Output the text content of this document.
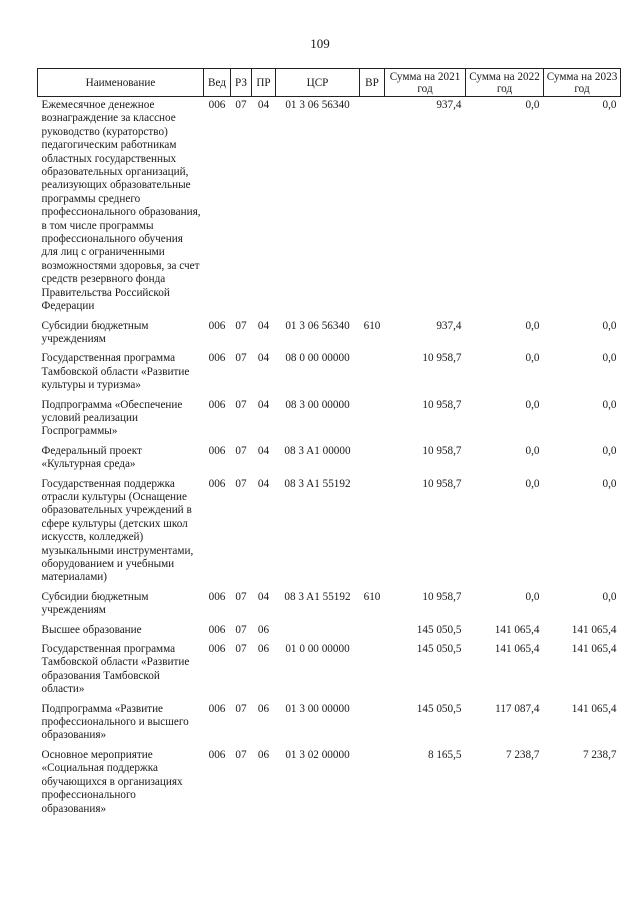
109
Наименование	Вед	РЗ	ПР	ЦСР	ВР	Сумма на 2021 год	Сумма на 2022 год	Сумма на 2023 год
Ежемесячное денежное вознаграждение за классное руководство (кураторство) педагогическим работникам областных государственных образовательных организаций, реализующих образовательные программы среднего профессионального образования, в том числе программы профессионального обучения для лиц с ограниченными возможностями здоровья, за счет средств резервного фонда Правительства Российской Федерации	006	07	04	01 3 06 56340		937,4	0,0	0,0
Субсидии бюджетным учреждениям	006	07	04	01 3 06 56340	610	937,4	0,0	0,0
Государственная программа Тамбовской области «Развитие культуры и туризма»	006	07	04	08 0 00 00000		10 958,7	0,0	0,0
Подпрограмма «Обеспечение условий реализации Госпрограммы»	006	07	04	08 3 00 00000		10 958,7	0,0	0,0
Федеральный проект «Культурная среда»	006	07	04	08 3 A1 00000		10 958,7	0,0	0,0
Государственная поддержка отрасли культуры (Оснащение образовательных учреждений в сфере культуры (детских школ искусств, колледжей) музыкальными инструментами, оборудованием и учебными материалами)	006	07	04	08 3 A1 55192		10 958,7	0,0	0,0
Субсидии бюджетным учреждениям	006	07	04	08 3 A1 55192	610	10 958,7	0,0	0,0
Высшее образование	006	07	06			145 050,5	141 065,4	141 065,4
Государственная программа Тамбовской области «Развитие образования Тамбовской области»	006	07	06	01 0 00 00000		145 050,5	141 065,4	141 065,4
Подпрограмма «Развитие профессионального и высшего образования»	006	07	06	01 3 00 00000		145 050,5	117 087,4	141 065,4
Основное мероприятие «Социальная поддержка обучающихся в организациях профессионального образования»	006	07	06	01 3 02 00000		8 165,5	7 238,7	7 238,7
